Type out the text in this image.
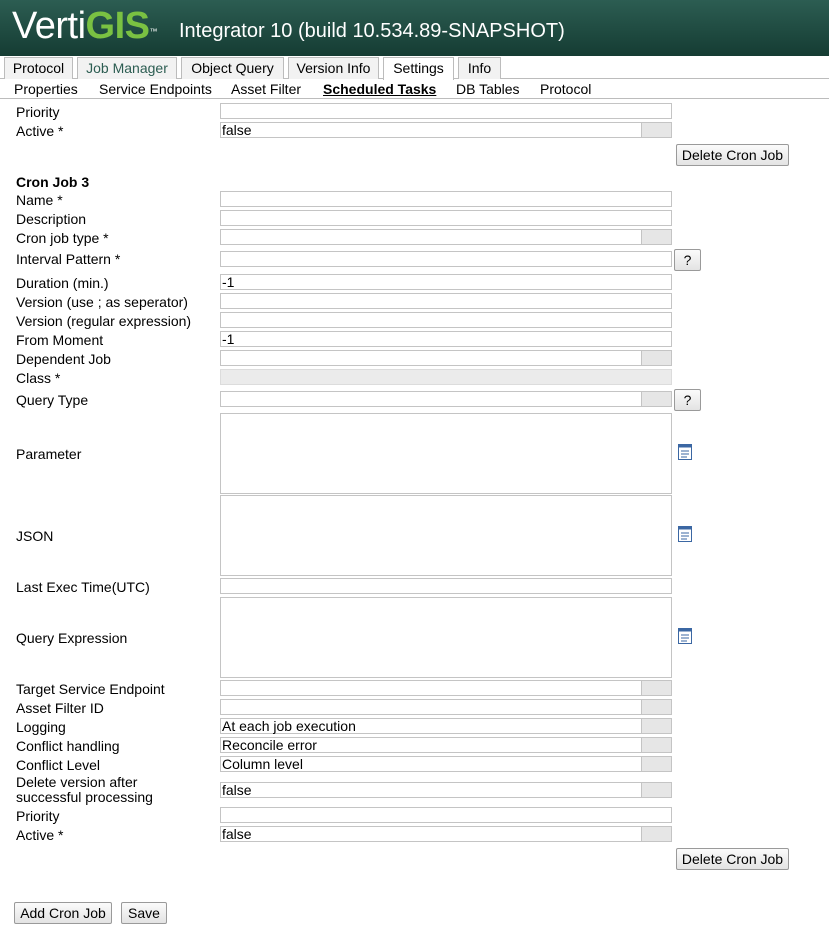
VertiGIS™ Integrator 10 (build 10.534.89-SNAPSHOT)
Protocol	Job Manager	Object Query	Version Info	Settings	Info
Properties Service Endpoints Asset Filter Scheduled Tasks DB Tables Protocol
Priority
Active *	false
Delete Cron Job
Cron Job 3
Name *
Description
Cron job type *
Interval Pattern *	?
Duration (min.)	-1
Version (use ; as seperator)
Version (regular expression)
From Moment	-1
Dependent Job
Class *
Query Type	?
Parameter
JSON
Last Exec Time(UTC)
Query Expression
Target Service Endpoint
Asset Filter ID
Logging	At each job execution
Conflict handling	Reconcile error
Conflict Level	Column level
Delete version after successful processing	false
Priority
Active *	false
Delete Cron Job
Add Cron Job	Save
